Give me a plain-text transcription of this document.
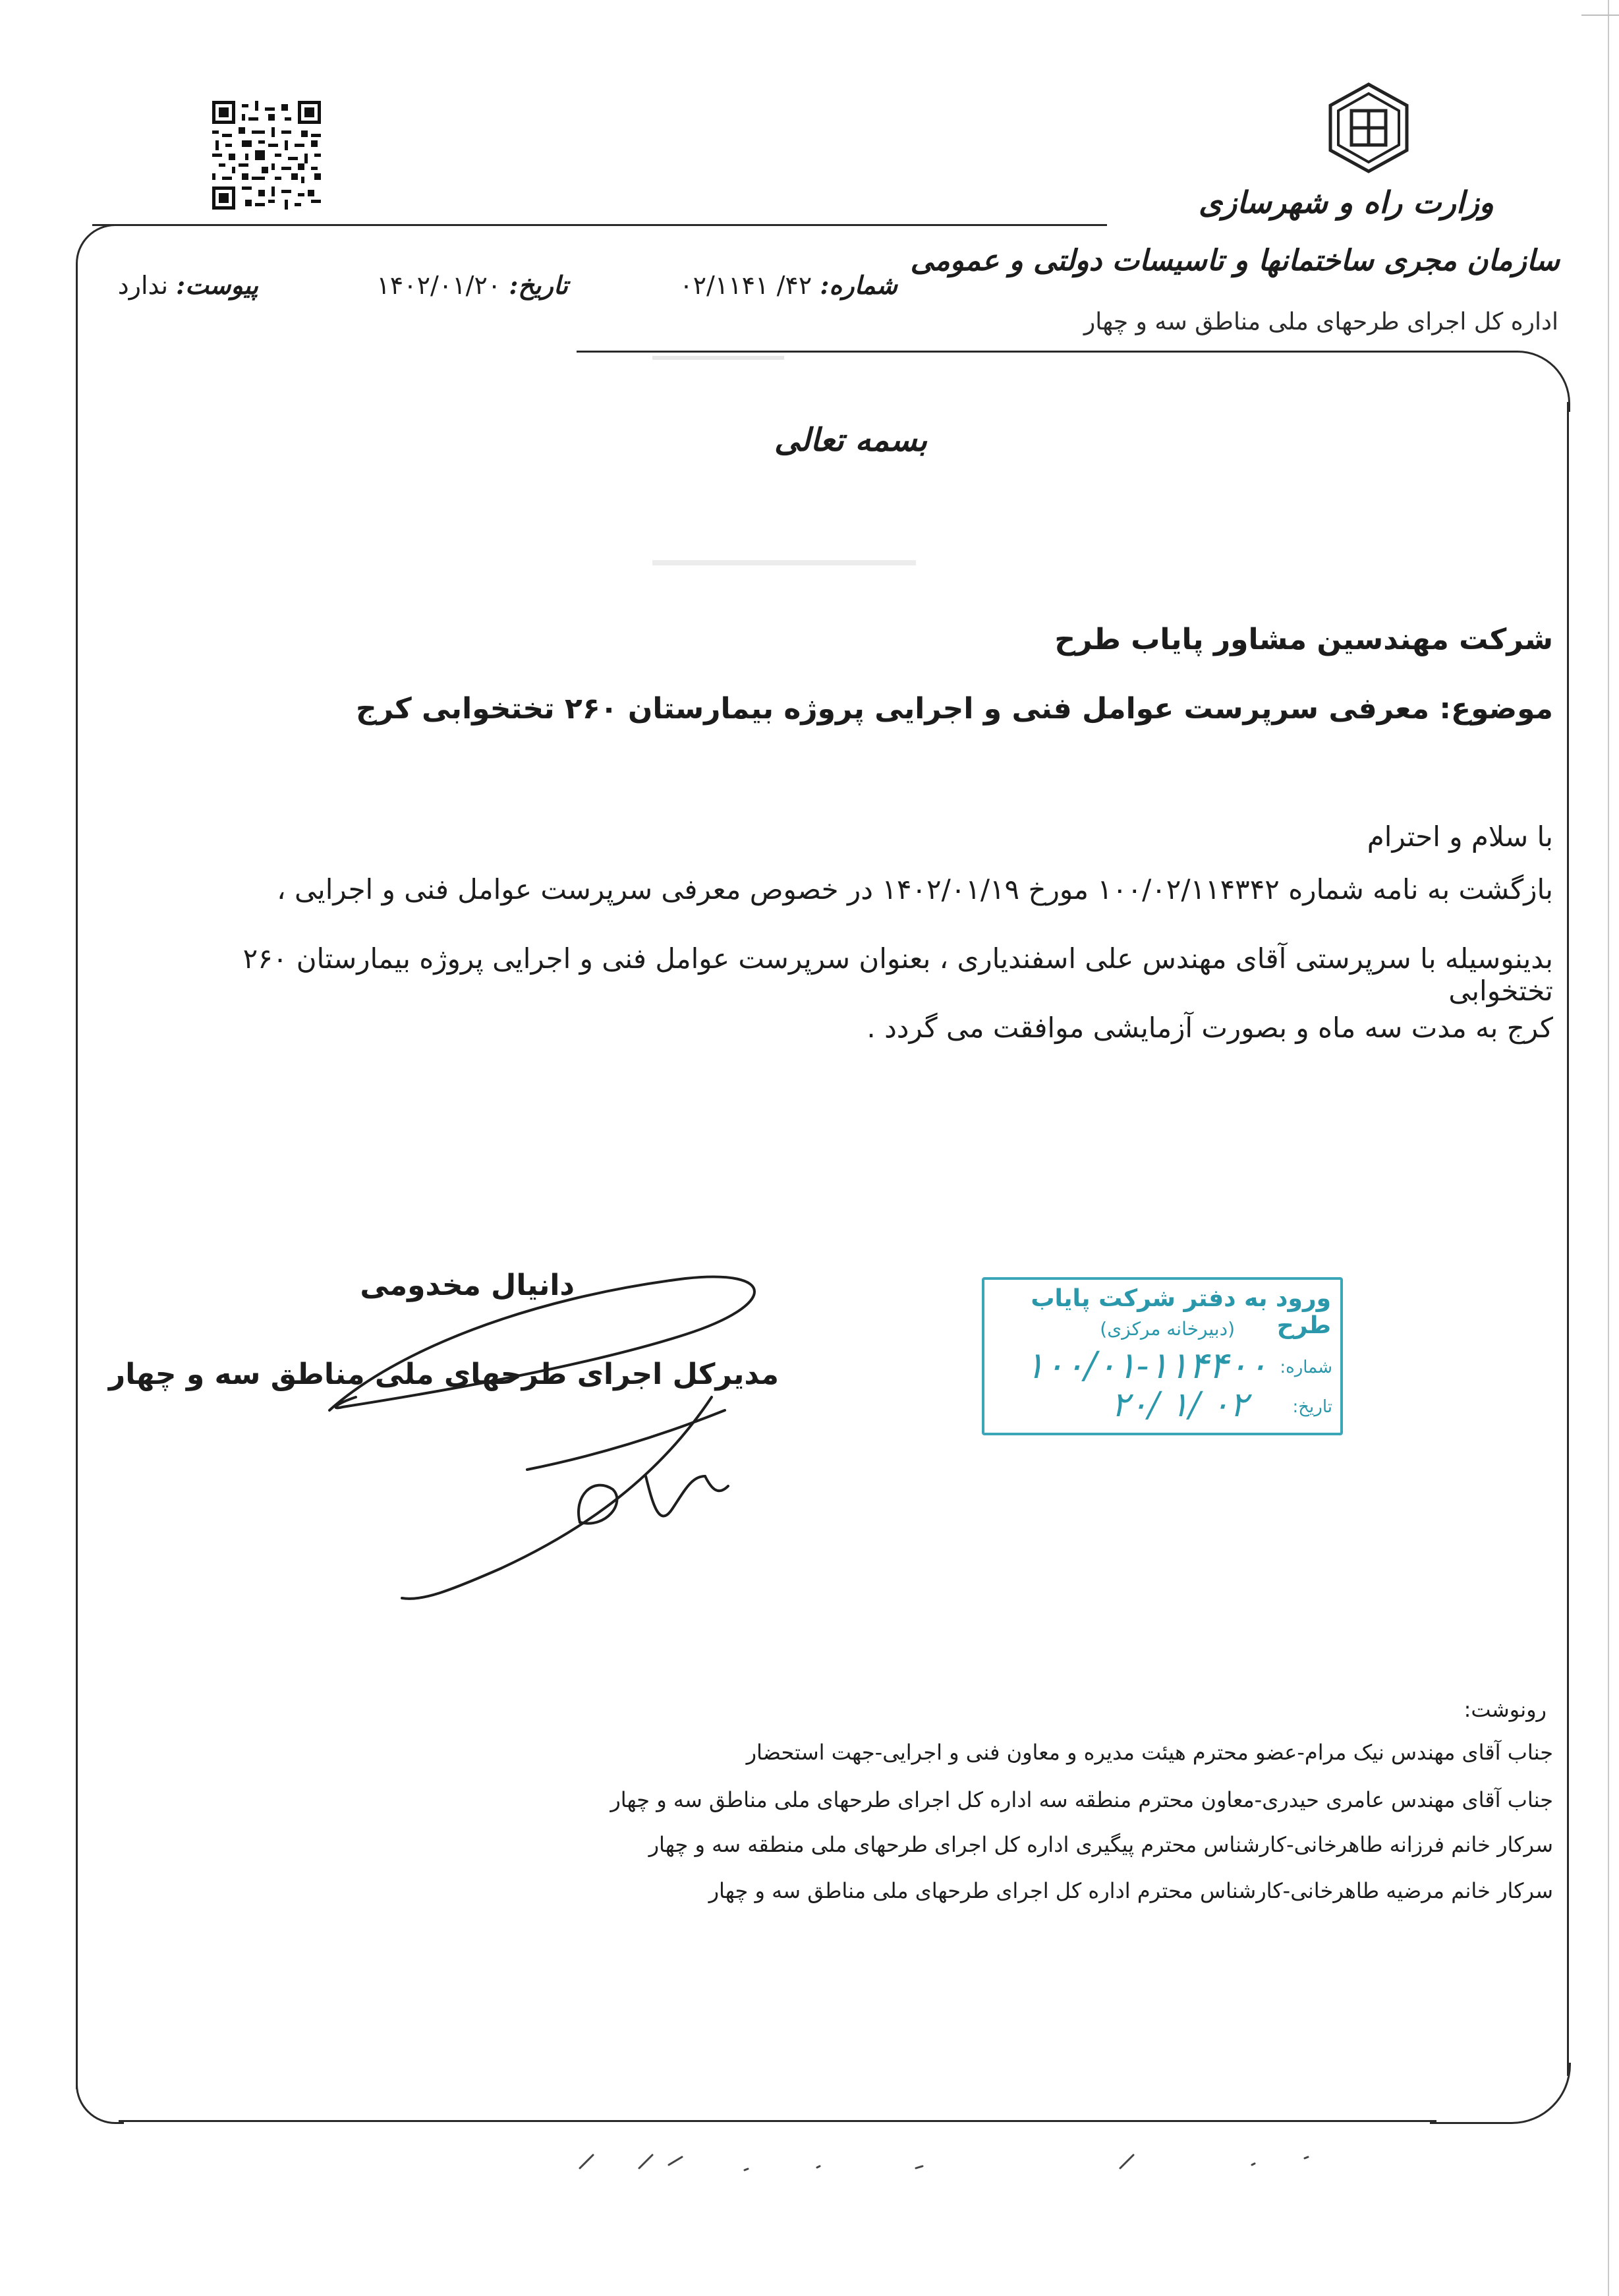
وزارت راه و شهرسازی
سازمان مجری ساختمانها و تاسیسات دولتی و عمومی
اداره کل اجرای طرحهای ملی مناطق سه و چهار
شماره: ۴۲/ ۰۲/۱۱۴۱
تاریخ: ۱۴۰۲/۰۱/۲۰
پیوست: ندارد
بسمه تعالی
شرکت مهندسین مشاور پایاب طرح
موضوع: معرفی سرپرست عوامل فنی و اجرایی پروژه بیمارستان ۲۶۰ تختخوابی کرج
با سلام و احترام
بازگشت به نامه شماره ۱۰۰/۰۲/۱۱۴۳۴۲ مورخ ۱۴۰۲/۰۱/۱۹ در خصوص معرفی سرپرست عوامل فنی و اجرایی ،
بدینوسیله با سرپرستی آقای مهندس علی اسفندیاری ، بعنوان سرپرست عوامل فنی و اجرایی پروژه بیمارستان ۲۶۰ تختخوابی
کرج به مدت سه ماه و بصورت آزمایشی موافقت می گردد .
دانیال مخدومی
مدیرکل اجرای طرحهای ملی مناطق سه و چهار
ورود به دفتر شرکت پایاب طرح
(دبیرخانه مرکزی)
شماره:
۱۰۰/۰۱-۱۱۴۴۰۰
تاریخ:
۲۰/ ۱/ ۰۲
رونوشت:
جناب آقای مهندس نیک مرام-عضو محترم هیئت مدیره و معاون فنی و اجرایی-جهت استحضار
جناب آقای مهندس عامری حیدری-معاون محترم منطقه سه اداره کل اجرای طرحهای ملی مناطق سه و چهار
سرکار خانم فرزانه طاهرخانی-کارشناس محترم پیگیری اداره کل اجرای طرحهای ملی منطقه سه و چهار
سرکار خانم مرضیه طاهرخانی-کارشناس محترم اداره کل اجرای طرحهای ملی مناطق سه و چهار
